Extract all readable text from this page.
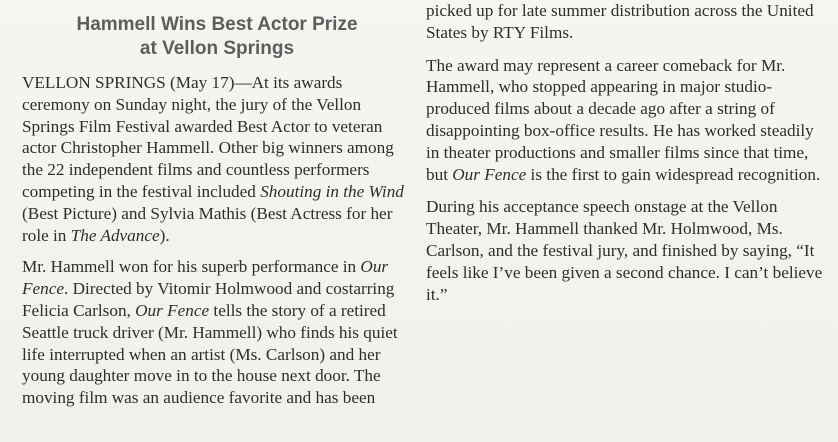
Hammell Wins Best Actor Prize
at Vellon Springs

VELLON SPRINGS (May 17)—At its awards ceremony on Sunday night, the jury of the Vellon Springs Film Festival awarded Best Actor to veteran actor Christopher Hammell. Other big winners among the 22 independent films and countless performers competing in the festival included Shouting in the Wind (Best Picture) and Sylvia Mathis (Best Actress for her role in The Advance).

Mr. Hammell won for his superb performance in Our Fence. Directed by Vitomir Holmwood and costarring Felicia Carlson, Our Fence tells the story of a retired Seattle truck driver (Mr. Hammell) who finds his quiet life interrupted when an artist (Ms. Carlson) and her young daughter move in to the house next door. The moving film was an audience favorite and has been

picked up for late summer distribution across the United States by RTY Films.

The award may represent a career comeback for Mr. Hammell, who stopped appearing in major studio-produced films about a decade ago after a string of disappointing box-office results. He has worked steadily in theater productions and smaller films since that time, but Our Fence is the first to gain widespread recognition.

During his acceptance speech onstage at the Vellon Theater, Mr. Hammell thanked Mr. Holmwood, Ms. Carlson, and the festival jury, and finished by saying, “It feels like I’ve been given a second chance. I can’t believe it.”
